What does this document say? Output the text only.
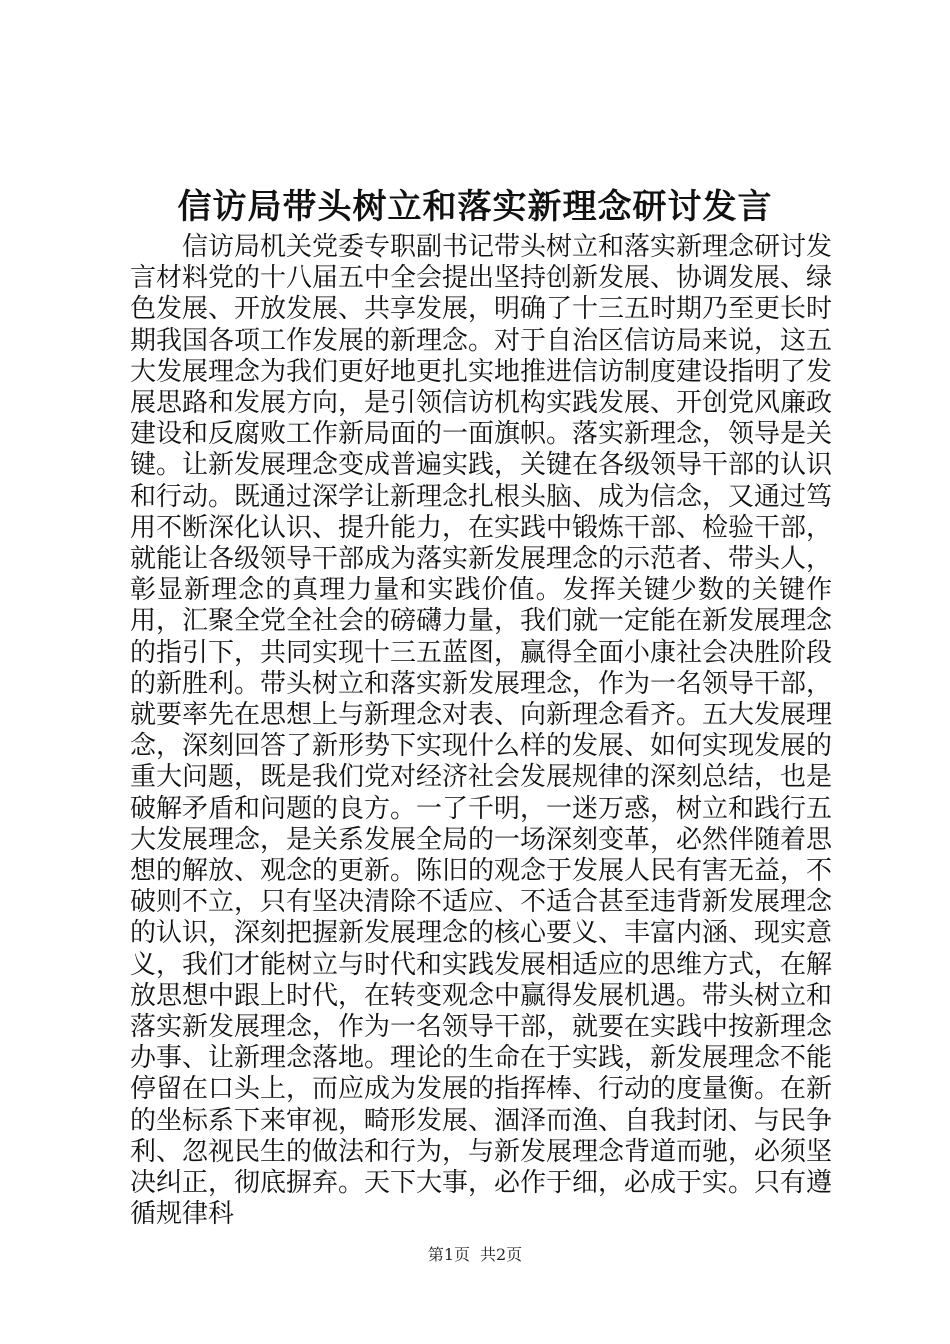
信访局带头树立和落实新理念研讨发言

信访局机关党委专职副书记带头树立和落实新理念研讨发言材料党的十八届五中全会提出坚持创新发展、协调发展、绿色发展、开放发展、共享发展，明确了十三五时期乃至更长时期我国各项工作发展的新理念。对于自治区信访局来说，这五大发展理念为我们更好地更扎实地推进信访制度建设指明了发展思路和发展方向，是引领信访机构实践发展、开创党风廉政建设和反腐败工作新局面的一面旗帜。落实新理念，领导是关键。让新发展理念变成普遍实践，关键在各级领导干部的认识和行动。既通过深学让新理念扎根头脑、成为信念，又通过笃用不断深化认识、提升能力，在实践中锻炼干部、检验干部，就能让各级领导干部成为落实新发展理念的示范者、带头人，彰显新理念的真理力量和实践价值。发挥关键少数的关键作用，汇聚全党全社会的磅礴力量，我们就一定能在新发展理念的指引下，共同实现十三五蓝图，赢得全面小康社会决胜阶段的新胜利。带头树立和落实新发展理念，作为一名领导干部，就要率先在思想上与新理念对表、向新理念看齐。五大发展理念，深刻回答了新形势下实现什么样的发展、如何实现发展的重大问题，既是我们党对经济社会发展规律的深刻总结，也是破解矛盾和问题的良方。一了千明，一迷万惑，树立和践行五大发展理念，是关系发展全局的一场深刻变革，必然伴随着思想的解放、观念的更新。陈旧的观念于发展人民有害无益，不破则不立，只有坚决清除不适应、不适合甚至违背新发展理念的认识，深刻把握新发展理念的核心要义、丰富内涵、现实意义，我们才能树立与时代和实践发展相适应的思维方式，在解放思想中跟上时代，在转变观念中赢得发展机遇。带头树立和落实新发展理念，作为一名领导干部，就要在实践中按新理念办事、让新理念落地。理论的生命在于实践，新发展理念不能停留在口头上，而应成为发展的指挥棒、行动的度量衡。在新的坐标系下来审视，畸形发展、涸泽而渔、自我封闭、与民争利、忽视民生的做法和行为，与新发展理念背道而驰，必须坚决纠正，彻底摒弃。天下大事，必作于细，必成于实。只有遵循规律科

第1页 共2页
